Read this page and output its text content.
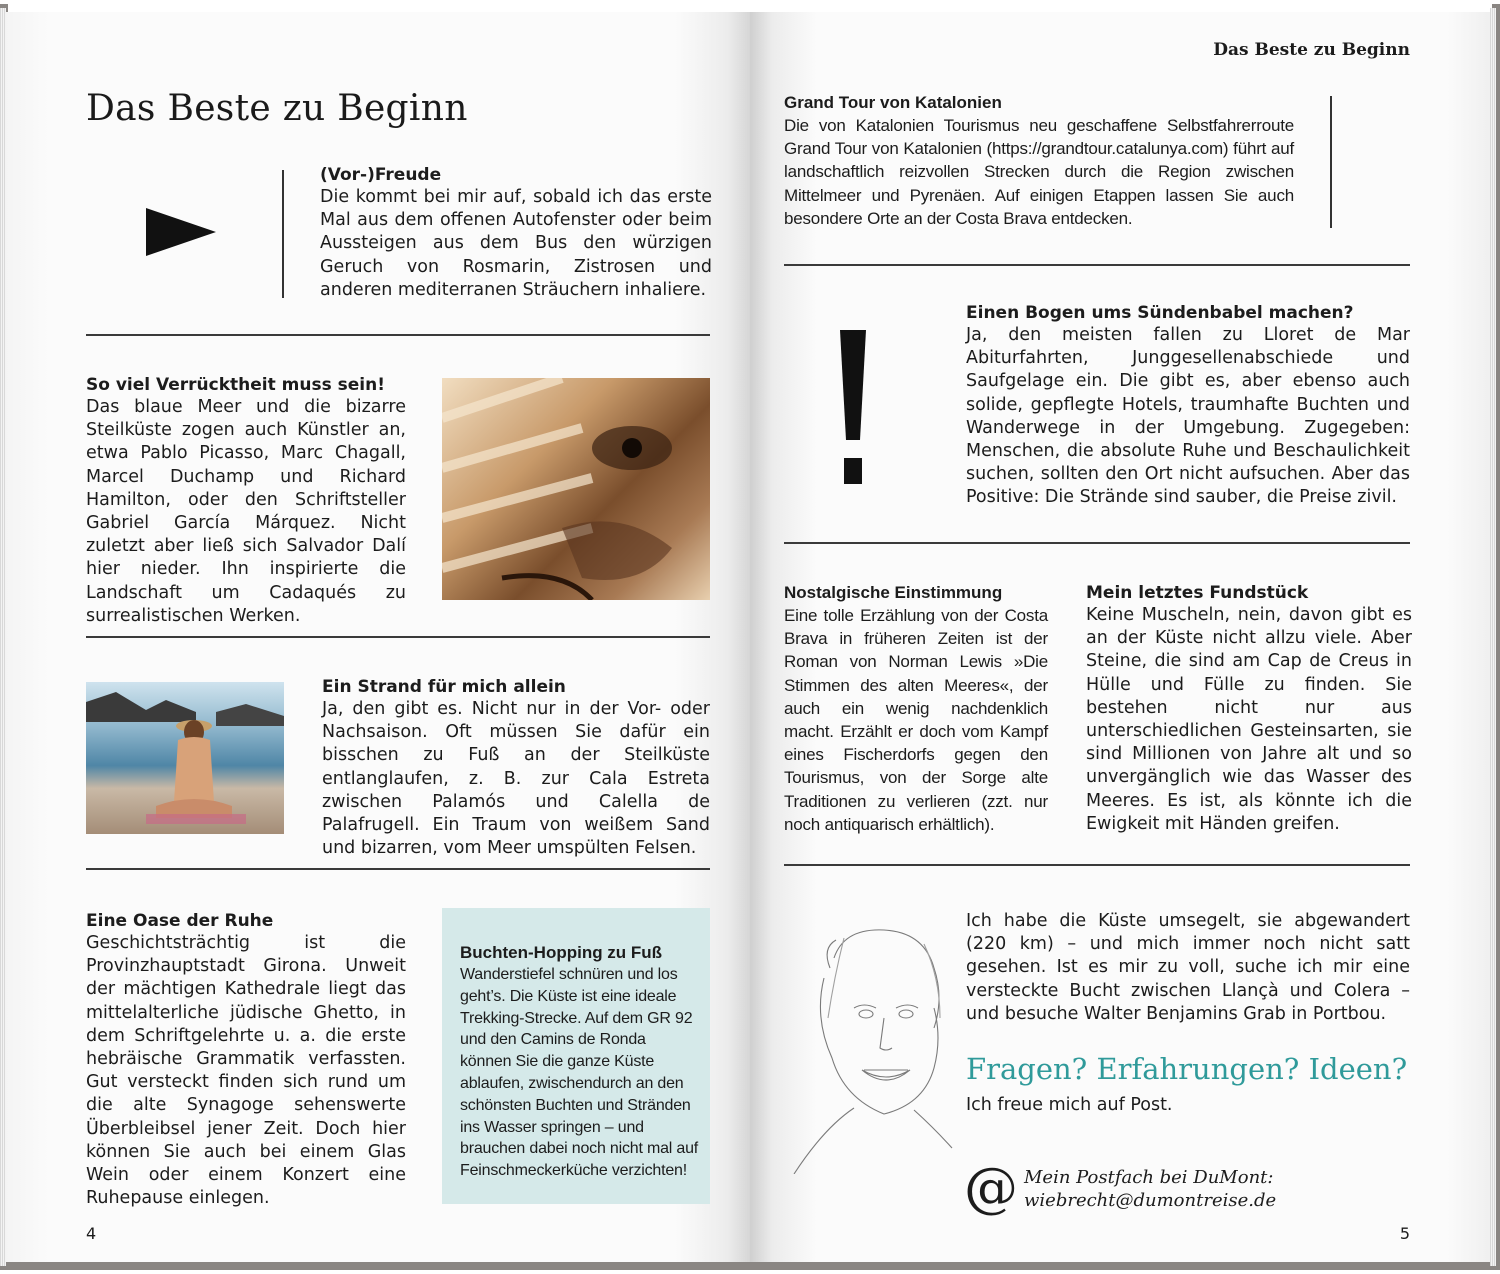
Das Beste zu Beginn
(Vor-)Freude
Die kommt bei mir auf, sobald ich das erste Mal aus dem offenen Autofenster oder beim Aussteigen aus dem Bus den würzigen Geruch von Rosmarin, Zistrosen und anderen mediterranen Sträuchern inhaliere.
So viel Verrücktheit muss sein!
Das blaue Meer und die bizarre Steilküste zogen auch Künstler an, etwa Pablo Picasso, Marc Chagall, Marcel Duchamp und Richard Hamilton, oder den Schriftsteller Gabriel García Márquez. Nicht zuletzt aber ließ sich Salvador Dalí hier nieder. Ihn inspirierte die Landschaft um Cadaqués zu surrealistischen Werken.
Ein Strand für mich allein
Ja, den gibt es. Nicht nur in der Vor- oder Nachsaison. Oft müssen Sie dafür ein bisschen zu Fuß an der Steilküste entlanglaufen, z. B. zur Cala Estreta zwischen Palamós und Calella de Palafrugell. Ein Traum von weißem Sand und bizarren, vom Meer umspülten Felsen.
Eine Oase der Ruhe
Geschichtsträchtig ist die Provinzhauptstadt Girona. Unweit der mächtigen Kathedrale liegt das mittelalterliche jüdische Ghetto, in dem Schriftgelehrte u. a. die erste hebräische Grammatik verfassten. Gut versteckt finden sich rund um die alte Synagoge sehenswerte Überbleibsel jener Zeit. Doch hier können Sie auch bei einem Glas Wein oder einem Konzert eine Ruhepause einlegen.
Buchten-Hopping zu Fuß
Wanderstiefel schnüren und los geht’s. Die Küste ist eine ideale Trekking-Strecke. Auf dem GR 92 und den Camins de Ronda können Sie die ganze Küste ablaufen, zwischendurch an den schönsten Buchten und Stränden ins Wasser springen – und brauchen dabei noch nicht mal auf Feinschmeckerküche verzichten!
4
Das Beste zu Beginn
Grand Tour von Katalonien
Die von Katalonien Tourismus neu geschaffene Selbstfahrerroute Grand Tour von Katalonien (https://grandtour.catalunya.com) führt auf landschaftlich reizvollen Strecken durch die Region zwischen Mittelmeer und Pyrenäen. Auf einigen Etappen lassen Sie auch besondere Orte an der Costa Brava entdecken.
Einen Bogen ums Sündenbabel machen?
Ja, den meisten fallen zu Lloret de Mar Abiturfahrten, Junggesellenabschiede und Saufgelage ein. Die gibt es, aber ebenso auch solide, gepflegte Hotels, traumhafte Buchten und Wanderwege in der Umgebung. Zugegeben: Menschen, die absolute Ruhe und Beschaulichkeit suchen, sollten den Ort nicht aufsuchen. Aber das Positive: Die Strände sind sauber, die Preise zivil.
Nostalgische Einstimmung
Eine tolle Erzählung von der Costa Brava in früheren Zeiten ist der Roman von Norman Lewis »Die Stimmen des alten Meeres«, der auch ein wenig nachdenklich macht. Erzählt er doch vom Kampf eines Fischerdorfs gegen den Tourismus, von der Sorge alte Traditionen zu verlieren (zzt. nur noch antiquarisch erhältlich).
Mein letztes Fundstück
Keine Muscheln, nein, davon gibt es an der Küste nicht allzu viele. Aber Steine, die sind am Cap de Creus in Hülle und Fülle zu finden. Sie bestehen nicht nur aus unterschiedlichen Gesteinsarten, sie sind Millionen von Jahre alt und so unvergänglich wie das Wasser des Meeres. Es ist, als könnte ich die Ewigkeit mit Händen greifen.
Ich habe die Küste umsegelt, sie abgewandert (220 km) – und mich immer noch nicht satt gesehen. Ist es mir zu voll, suche ich mir eine versteckte Bucht zwischen Llançà und Colera – und besuche Walter Benjamins Grab in Portbou.
Fragen? Erfahrungen? Ideen?
Ich freue mich auf Post.
@ Mein Postfach bei DuMont:
wiebrecht@dumontreise.de
5
